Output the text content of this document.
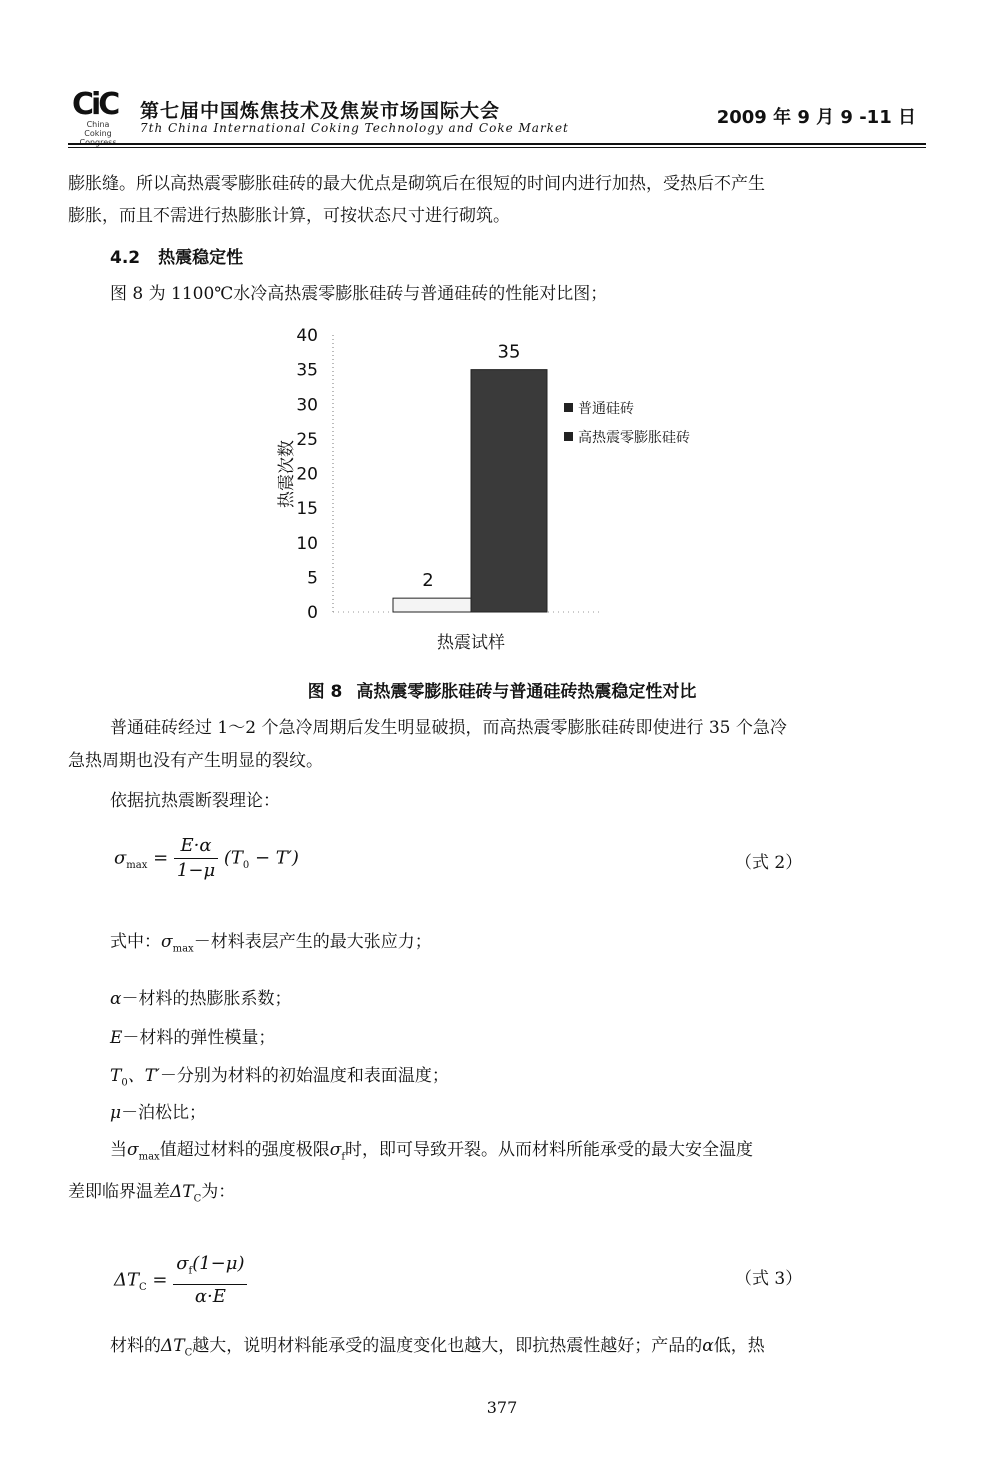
CiC
China Coking
第七届中国炼焦技术及焦炭市场国际大会
7th China International Coking Technology and Coke Market	2009 年 9 月 9 -11 日

膨胀缝。所以高热震零膨胀硅砖的最大优点是砌筑后在很短的时间内进行加热，受热后不产生

膨胀，而且不需进行热膨胀计算，可按状态尺寸进行砌筑。

4.2 热震稳定性

图 8 为 1100℃水冷高热震零膨胀硅砖与普通硅砖的性能对比图；

0
5
10
15
20
25
30
35
40
2
35
普通硅砖
高热震零膨胀硅砖
热震次数
热震试样
图 8 高热震零膨胀硅砖与普通硅砖热震稳定性对比

普通硅砖经过 1～2 个急冷周期后发生明显破损，而高热震零膨胀硅砖即使进行 35 个急冷

急热周期也没有产生明显的裂纹。

依据抗热震断裂理论：

$\sigma_{max} = \frac{E\cdot\alpha}{1-\mu} (T_0 - T')$	（式 2）
式中：$\sigma_{max}-$材料表层产生的最大张应力；
α－材料的热膨胀系数；
E－材料的弹性模量；
$T_0$、T′－分别为材料的初始温度和表面温度；
μ－泊松比；
当$\sigma_{max}$值超过材料的强度极限$\sigma_f$时，即可导致开裂。从而材料所能承受的最大安全温度
差即临界温差$\Delta T_C$为：
$\Delta T_C = \frac{\sigma_f(1-\mu)}{\alpha\cdot E}$	（式 3）
材料的$\Delta T_C$越大，说明材料能承受的温度变化也越大，即抗热震性越好；产品的α低，热
377
